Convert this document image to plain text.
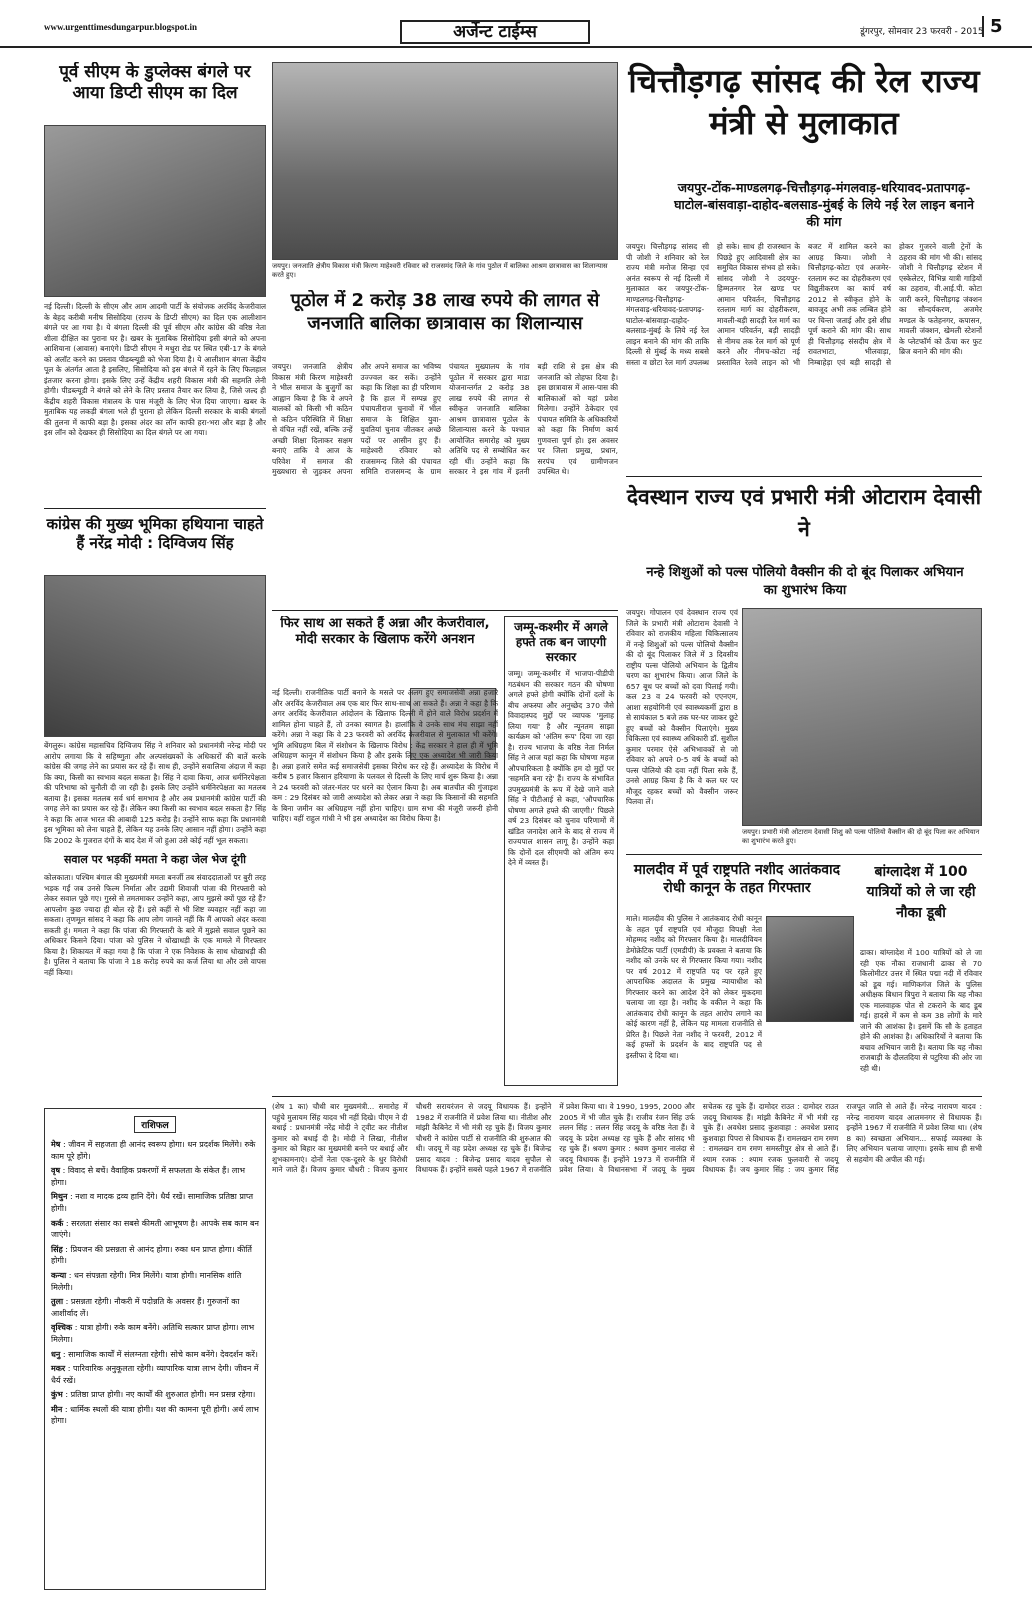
www.urgenttimesdungarpur.blogspot.in	अर्जेन्ट टाईम्स	डूंगरपुर, सोमवार 23 फरवरी - 2015 5
पूर्व सीएम के डुप्लेक्स बंगले पर आया डिप्टी सीएम का दिल
नई दिल्ली। दिल्ली के सीएम और आम आदमी पार्टी के संयोजक अरविंद केजरीवाल के बेहद करीबी मनीष सिसोदिया (राज्य के डिप्टी सीएम) का दिल एक आलीशान बंगले पर आ गया है। ये बंगला दिल्ली की पूर्व सीएम और कांग्रेस की वरिष्ठ नेता शीला दीक्षित का पुराना घर है। खबर के मुताबिक सिसोदिया इसी बंगले को अपना आशियाना (आवास) बनाएंगे। डिप्टी सीएम ने मथुरा रोड पर स्थित एबी-17 के बंगले को अलॉट करने का प्रस्ताव पीडब्ल्यूडी को भेजा दिया है। ये आलीशान बंगला केंद्रीय पूल के अंतर्गत आता है इसलिए, सिसोदिया को इस बंगले में रहने के लिए फिलहाल इंतजार करना होगा। इसके लिए उन्हें केंद्रीय शहरी विकास मंत्री की सहमति लेनी होगी। पीडब्ल्यूडी ने बंगले को लेने के लिए प्रस्ताव तैयार कर लिया है, जिसे जल्द ही केंद्रीय शहरी विकास मंत्रालय के पास मंजूरी के लिए भेज दिया जाएगा। खबर के मुताबिक यह लकड़ी बंगला भले ही पुराना हो लेकिन दिल्ली सरकार के बाकी बंगलों की तुलना में काफी बड़ा है। इसका अंदर का लॉन काफी हरा-भरा और बड़ा है और इस लॉन को देखकर ही सिसोदिया का दिल बंगले पर आ गया।
कांग्रेस की मुख्य भूमिका हथियाना चाहते हैं नरेंद्र मोदी : दिग्विजय सिंह
बेंगलुरू। कांग्रेस महासचिव दिग्विजय सिंह ने शनिवार को प्रधानमंत्री नरेन्द्र मोदी पर आरोप लगाया कि वे सहिष्णुता और अल्पसंख्यकों के अधिकारों की बातें करके कांग्रेस की जगह लेने का प्रयास कर रहे हैं। साथ ही, उन्होंने सवालिया अंदाज में कहा कि क्या, किसी का स्वभाव बदल सकता है। सिंह ने दावा किया, आज धर्मनिरपेक्षता की परिभाषा को चुनौती दी जा रही है। इसके लिए उन्होंने धर्मनिरपेक्षता का मतलब बताया है। इसका मतलब सर्व धर्म समभाव है और अब प्रधानमंत्री कांग्रेस पार्टी की जगह लेने का प्रयास कर रहे हैं। लेकिन क्या किसी का स्वभाव बदल सकता है? सिंह ने कहा कि आज भारत की आबादी 125 करोड़ है। उन्होंने साफ कहा कि प्रधानमंत्री इस भूमिका को लेना चाहते हैं, लेकिन यह उनके लिए आसान नहीं होगा। उन्होंने कहा कि 2002 के गुजरात दंगों के बाद देश में जो हुआ उसे कोई नहीं भूल सकता।
सवाल पर भड़कीं ममता ने कहा जेल भेज दूंगी
कोलकाता। पश्चिम बंगाल की मुख्यमंत्री ममता बनर्जी तब संवाददाताओं पर बुरी तरह भड़क गईं जब उनसे फिल्म निर्माता और उद्यमी शिवाजी पांजा की गिरफ्तारी को लेकर सवाल पूछे गए। गुस्से से तमतमाकर उन्होंने कहा, आप मुझसे क्यों पूछ रहे हैं? आपलोग कुछ ज्यादा ही बोल रहे हैं। इसे कहीं से भी शिष्ट व्यवहार नहीं कहा जा सकता। तृणमूल सांसद ने कहा कि आप लोग जानते नहीं कि मैं आपको अंदर करवा सकती हूं। ममता ने कहा कि पांजा की गिरफ्तारी के बारे में मुझसे सवाल पूछने का अधिकार किसने दिया। पांजा को पुलिस ने धोखाधड़ी के एक मामले में गिरफ्तार किया है। शिकायत में कहा गया है कि पांजा ने एक निवेशक के साथ धोखाधड़ी की है। पुलिस ने बताया कि पांजा ने 18 करोड़ रुपये का कर्ज लिया था और उसे वापस नहीं किया।
राशिफल
मेष : जीवन में सहजता ही आनंद स्वरूप होगा। धन प्रदर्शक मिलेंगे। रुके काम पूरे होंगे।
वृष : विवाद से बचें। वैवाहिक प्रकरणों में सफलता के संकेत हैं। लाभ होगा।
मिथुन : नशा व मादक द्रव्य हानि देंगे। धैर्य रखें। सामाजिक प्रतिष्ठा प्राप्त होगी।
कर्क : सरलता संसार का सबसे कीमती आभूषण है। आपके सब काम बन जाएंगे।
सिंह : प्रियजन की प्रसन्नता से आनंद होगा। रुका धन प्राप्त होगा। कीर्ति होगी।
कन्या : धन संपन्नता रहेगी। मित्र मिलेंगे। यात्रा होगी। मानसिक शांति मिलेगी।
तुला : प्रसन्नता रहेगी। नौकरी में पदोन्नति के अवसर हैं। गुरुजनों का आशीर्वाद लें।
वृश्चिक : यात्रा होगी। रुके काम बनेंगे। अतिथि सत्कार प्राप्त होगा। लाभ मिलेगा।
धनु : सामाजिक कार्यों में संलग्नता रहेगी। सोचे काम बनेंगे। देवदर्शन करें।
मकर : पारिवारिक अनुकूलता रहेगी। व्यापारिक यात्रा लाभ देगी। जीवन में धैर्य रखें।
कुंभ : प्रतिष्ठा प्राप्त होगी। नए कार्यों की शुरुआत होगी। मन प्रसन्न रहेगा।
मीन : धार्मिक स्थलों की यात्रा होगी। यश की कामना पूरी होगी। अर्थ लाभ होगा।
जयपुर। जनजाति क्षेत्रीय विकास मंत्री किरण माहेश्वरी रविवार को राजसमंद जिले के गांव पुठोल में बालिका आश्रम छात्रावास का शिलान्यास करते हुए।
पूठोल में 2 करोड़ 38 लाख रुपये की लागत से जनजाति बालिका छात्रावास का शिलान्यास
जयपुर। जनजाति क्षेत्रीय विकास मंत्री किरण माहेश्वरी ने भील समाज के बुजुर्गों का आह्वान किया है कि वे अपने बालकों को किसी भी कठिन से कठिन परिस्थिति में शिक्षा से वंचित नहीं रखें, बल्कि उन्हें अच्छी शिक्षा दिलाकर सक्षम बनाएं ताकि वे आज के परिवेश में समाज की मुख्यधारा से जुड़कर अपना और अपने समाज का भविष्य उज्ज्वल कर सकें। उन्होंने कहा कि शिक्षा का ही परिणाम है कि हाल में सम्पन्न हुए पंचायतीराज चुनावों में भील समाज के शिक्षित युवा-युवतियां चुनाव जीतकर अच्छे पदों पर आसीन हुए हैं। माहेश्वरी रविवार को राजसमन्द जिले की पंचायत समिति राजसमन्द के ग्राम पंचायत मुख्यालय के गांव पूठोल में सरकार द्वारा माडा योजनान्तर्गत 2 करोड़ 38 लाख रुपये की लागत से स्वीकृत जनजाति बालिका आश्रम छात्रावास पूठोल के शिलान्यास करने के पश्चात आयोजित समारोह को मुख्य अतिथि पद से सम्बोधित कर रही थीं। उन्होंने कहा कि सरकार ने इस गांव में इतनी बड़ी राशि से इस क्षेत्र की जनजाति को तोहफा दिया है। इस छात्रावास में आस-पास की बालिकाओं को यहां प्रवेश मिलेगा। उन्होंने ठेकेदार एवं पंचायत समिति के अधिकारियों को कहा कि निर्माण कार्य गुणवत्ता पूर्ण हो। इस अवसर पर जिला प्रमुख, प्रधान, सरपंच एवं ग्रामीणजन उपस्थित थे।
फिर साथ आ सकते हैं अन्ना और केजरीवाल, मोदी सरकार के खिलाफ करेंगे अनशन
नई दिल्ली। राजनीतिक पार्टी बनाने के मसले पर अलग हुए समाजसेवी अन्ना हजारे और अरविंद केजरीवाल अब एक बार फिर साथ-साथ आ सकते हैं। अन्ना ने कहा है कि अगर अरविंद केजरीवाल आंदोलन के खिलाफ दिल्ली में होने वाले विरोध प्रदर्शन में शामिल होना चाहते हैं, तो उनका स्वागत है। हालांकि वे उनके साथ मंच साझा नहीं करेंगे। अन्ना ने कहा कि वे 23 फरवरी को अरविंद केजरीवाल से मुलाकात भी करेंगे। भूमि अधिग्रहण बिल में संशोधन के खिलाफ विरोध : केंद्र सरकार ने हाल ही में भूमि अधिग्रहण कानून में संशोधन किया है और इसके लिए एक अध्यादेश भी जारी किया है। अन्ना हजारे समेत कई समाजसेवी इसका विरोध कर रहे हैं। अध्यादेश के विरोध में करीब 5 हजार किसान हरियाणा के पलवल से दिल्ली के लिए मार्च शुरू किया है। अन्ना ने 24 फरवरी को जंतर-मंतर पर धरने का ऐलान किया है। अब बातचीत की गुंजाइश कम : 29 दिसंबर को जारी अध्यादेश को लेकर अन्ना ने कहा कि किसानों की सहमति के बिना जमीन का अधिग्रहण नहीं होना चाहिए। ग्राम सभा की मंजूरी जरूरी होनी चाहिए। वहीं राहुल गांधी ने भी इस अध्यादेश का विरोध किया है।
जम्मू-कश्मीर में अगले हफ्ते तक बन जाएगी सरकार
जम्मू। जम्मू-कश्मीर में भाजपा-पीडीपी गठबंधन की सरकार गठन की घोषणा अगले हफ्ते होगी क्योंकि दोनों दलों के बीच अफस्पा और अनुच्छेद 370 जैसे विवादास्पद मुद्दों पर व्यापक 'मुलाह लिया गया' है और न्यूनतम साझा कार्यक्रम को 'अंतिम रूप' दिया जा रहा है। राज्य भाजपा के वरिष्ठ नेता निर्मल सिंह ने आज यहां कहा कि घोषणा महज औपचारिकता है क्योंकि हम दो मुद्दों पर 'सहमति बना रहे' हैं। राज्य के संभावित उपमुख्यमंत्री के रूप में देखे जाने वाले सिंह ने पीटीआई से कहा, 'औपचारिक घोषणा अगले हफ्ते की जाएगी।' पिछले वर्ष 23 दिसंबर को चुनाव परिणामों में खंडित जनादेश आने के बाद से राज्य में राज्यपाल शासन लागू है। उन्होंने कहा कि दोनों दल सीएमपी को अंतिम रूप देने में व्यस्त हैं।
चित्तौड़गढ़ सांसद की रेल राज्य मंत्री से मुलाकात
जयपुर-टोंक-माण्डलगढ़-चित्तौड़गढ़-मंगलवाड़-धरियावद-प्रतापगढ़-घाटोल-बांसवाड़ा-दाहोद-बलसाड-मुंबई के लिये नई रेल लाइन बनाने की मांग
जयपुर। चित्तौड़गढ़ सांसद सी पी जोशी ने शनिवार को रेल राज्य मंत्री मनोज सिन्हा एवं अनंत स्वरूप से नई दिल्ली में मुलाकात कर जयपुर-टोंक-माण्डलगढ़-चित्तौड़गढ़-मंगलवाड़-धरियावद-प्रतापगढ़-घाटोल-बांसवाड़ा-दाहोद-बलसाड-मुंबई के लिये नई रेल लाइन बनाने की मांग की ताकि दिल्ली से मुंबई के मध्य सबसे सस्ता व छोटा रेल मार्ग उपलब्ध हो सके। साथ ही राजस्थान के पिछड़े हुए आदिवासी क्षेत्र का समुचित विकास संभव हो सके। सांसद जोशी ने उदयपुर-हिम्मतनगर रेल खण्ड पर आमान परिवर्तन, चित्तौड़गढ़ रतलाम मार्ग का दोहरीकरण, मावली-बड़ी सादड़ी रेल मार्ग का आमान परिवर्तन, बड़ी सादड़ी से नीमच तक रेल मार्ग को पूर्ण करने और नीमच-कोटा नई प्रस्तावित रेलवे लाइन को भी बजट में शामिल करने का आग्रह किया। जोशी ने चित्तौड़गढ़-कोटा एवं अजमेर-रतलाम रूट का दोहरीकरण एवं विद्युतीकरण का कार्य वर्ष 2012 से स्वीकृत होने के बावजूद अभी तक लम्बित होने पर चिन्ता जताई और इसे शीघ्र पूर्ण कराने की मांग की। साथ ही चित्तौड़गढ़ संसदीय क्षेत्र में रावतभाटा, भीलवाड़ा, निम्बाहेड़ा एवं बड़ी सादड़ी से होकर गुजरने वाली ट्रेनों के ठहराव की मांग भी की। सांसद जोशी ने चित्तौड़गढ़ स्टेशन में एस्केलेटर, विभिन्न यात्री गाड़ियों का ठहराव, वी.आई.पी. कोटा जारी करने, चित्तौड़गढ़ जंक्शन का सौन्दर्यकरण, अजमेर मण्डल के फतेहनगर, कपासन, मावली जंक्शन, खेमली स्टेशनों के प्लेटफॉर्म को ऊँचा कर फुट ब्रिज बनाने की मांग की।
देवस्थान राज्य एवं प्रभारी मंत्री ओटाराम देवासी ने
नन्हे शिशुओं को पल्स पोलियो वैक्सीन की दो बूंद पिलाकर अभियान का शुभारंभ किया
जयपुर। गोपालन एवं देवस्थान राज्य एवं जिले के प्रभारी मंत्री ओटाराम देवासी ने रविवार को राजकीय महिला चिकित्सालय में नन्हे शिशुओं को पल्स पोलियो वैक्सीन की दो बूंद पिलाकर जिले में 3 दिवसीय राष्ट्रीय पल्स पोलियो अभियान के द्वितीय चरण का शुभारंभ किया। आज जिले के 657 बूथ पर बच्चों को दवा पिलाई गयी। कल 23 व 24 फरवरी को एएनएम, आशा सहयोगिनी एवं स्वास्थ्यकर्मी द्वारा 8 से सायंकाल 5 बजे तक घर-घर जाकर छूटे हुए बच्चों को वैक्सीन पिलाएंगे। मुख्य चिकित्सा एवं स्वास्थ्य अधिकारी डॉ. सुशील कुमार परमार ऐसे अभिभावकों से जो रविवार को अपने 0-5 वर्ष के बच्चों को पल्स पोलियो की दवा नहीं पिला सके हैं, उनसे आग्रह किया है कि वे कल घर पर मौजूद रहकर बच्चों को वैक्सीन जरूर पिलवा लें।
जयपुर। प्रभारी मंत्री ओटाराम देवासी शिशु को पल्स पोलियो वैक्सीन की दो बूंद पिला कर अभियान का शुभारंभ करते हुए।
मालदीव में पूर्व राष्ट्रपति नशीद आतंकवाद रोधी कानून के तहत गिरफ्तार
माले। मालदीव की पुलिस ने आतंकवाद रोधी कानून के तहत पूर्व राष्ट्रपति एवं मौजूदा विपक्षी नेता मोहम्मद नशीद को गिरफ्तार किया है। मालदीवियन डेमोक्रेटिक पार्टी (एमडीपी) के प्रवक्ता ने बताया कि नशीद को उनके घर से गिरफ्तार किया गया। नशीद पर वर्ष 2012 में राष्ट्रपति पद पर रहते हुए आपराधिक अदालत के प्रमुख न्यायाधीश को गिरफ्तार करने का आदेश देने को लेकर मुकदमा चलाया जा रहा है। नशीद के वकील ने कहा कि आतंकवाद रोधी कानून के तहत आरोप लगाने का कोई कारण नहीं है, लेकिन यह मामला राजनीति से प्रेरित है। पिछले नेता नशीद ने फरवरी, 2012 में कई हफ्तों के प्रदर्शन के बाद राष्ट्रपति पद से इस्तीफा दे दिया था।
बांग्लादेश में 100 यात्रियों को ले जा रही नौका डूबी
ढाका। बांग्लादेश में 100 यात्रियों को ले जा रही एक नौका राजधानी ढाका से 70 किलोमीटर उत्तर में स्थित पद्मा नदी में रविवार को डूब गई। माणिकगंज जिले के पुलिस अधीक्षक बिधान त्रिपुरा ने बताया कि यह नौका एक मालवाहक पोत से टकराने के बाद डूब गई। हादसे में कम से कम 38 लोगों के मारे जाने की आशंका है। इसमें कि सौ के हताहत होने की आशंका है। अधिकारियों ने बताया कि बचाव अभियान जारी है। बताया कि यह नौका राजबाड़ी के दौलतदिया से पटुरिया की ओर जा रही थी।
(शेष 1 का) चौथी बार मुख्यमंत्री... समारोह में पहुंचे मुलायम सिंह यादव भी नहीं दिखे। पीएम ने दी बधाई : प्रधानमंत्री नरेंद्र मोदी ने ट्वीट कर नीतीश कुमार को बधाई दी है। मोदी ने लिखा, नीतीश कुमार को बिहार का मुख्यमंत्री बनने पर बधाई और शुभकामनाएं। दोनों नेता एक-दूसरे के धुर विरोधी माने जाते हैं। विजय कुमार चौधरी : विजय कुमार चौधरी सरायरंजन से जदयू विधायक हैं। इन्होंने 1982 में राजनीति में प्रवेश लिया था। नीतीश और मांझी कैबिनेट में भी मंत्री रह चुके हैं। विजय कुमार चौधरी ने कांग्रेस पार्टी से राजनीति की शुरुआत की थी। जदयू में वह प्रदेश अध्यक्ष रह चुके हैं। बिजेन्द्र प्रसाद यादव : बिजेन्द्र प्रसाद यादव सुपौल से विधायक हैं। इन्होंने सबसे पहले 1967 में राजनीति में प्रवेश किया था। वे 1990, 1995, 2000 और 2005 में भी जीत चुके हैं। राजीव रंजन सिंह उर्फ ललन सिंह : ललन सिंह जदयू के वरिष्ठ नेता हैं। वे जदयू के प्रदेश अध्यक्ष रह चुके हैं और सांसद भी रह चुके हैं। श्रवण कुमार : श्रवण कुमार नालंदा से जदयू विधायक हैं। इन्होंने 1973 में राजनीति में प्रवेश लिया। वे विधानसभा में जदयू के मुख्य सचेतक रह चुके हैं। दामोदर राउत : दामोदर राउत जदयू विधायक हैं। मांझी कैबिनेट में भी मंत्री रह चुके हैं। अवधेश प्रसाद कुशवाहा : अवधेश प्रसाद कुशवाहा पिपरा से विधायक हैं। रामलखन राम रमण : रामलखन राम रमण समस्तीपुर क्षेत्र से आते हैं। श्याम रजक : श्याम रजक फुलवारी से जदयू विधायक हैं। जय कुमार सिंह : जय कुमार सिंह राजपूत जाति से आते हैं। नरेन्द्र नारायण यादव : नरेन्द्र नारायण यादव आलमनगर से विधायक हैं। इन्होंने 1967 में राजनीति में प्रवेश लिया था। (शेष 8 का) स्वच्छता अभियान... सफाई व्यवस्था के लिए अभियान चलाया जाएगा। इसके साथ ही सभी से सहयोग की अपील की गई।
